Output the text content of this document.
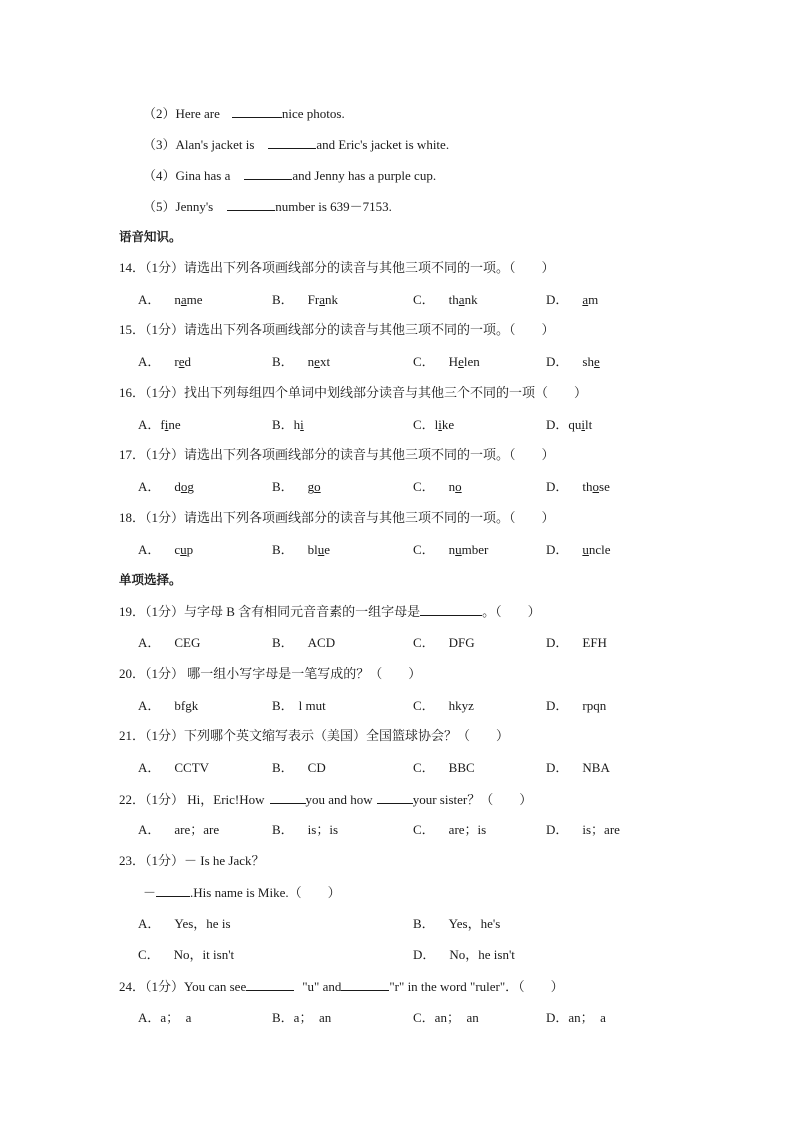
（2）Here are	nice photos.
（3）Alan's jacket is	and Eric's jacket is white.
（4）Gina has a	and Jenny has a purple cup.
（5）Jenny's	number is 639－7153.
语音知识。
14．（1分）请选出下列各项画线部分的读音与其他三项不同的一项。（　　）
A． name	B． Frank	C． thank	D． am
15．（1分）请选出下列各项画线部分的读音与其他三项不同的一项。（　　）
A． red	B． next	C． Helen	D． she
16．（1分）找出下列每组四个单词中划线部分读音与其他三个不同的一项（　　）
A．fine	B．hi	C．like	D．quilt
17．（1分）请选出下列各项画线部分的读音与其他三项不同的一项。（　　）
A． dog	B． go	C． no	D． those
18．（1分）请选出下列各项画线部分的读音与其他三项不同的一项。（　　）
A． cup	B． blue	C． number	D． uncle
单项选择。
19．（1分）与字母 B 含有相同元音音素的一组字母是	。（　　）
A． CEG	B． ACD	C． DFG	D． EFH
20．（1分） 哪一组小写字母是一笔写成的？（　　）
A． bfgk	B． l mut	C． hkyz	D． rpqn
21．（1分）下列哪个英文缩写表示（美国）全国篮球协会？（　　）
A． CCTV	B． CD	C． BBC	D． NBA
22．（1分） Hi，Eric!How	you and how	your sister？（　　）
A． are；are	B． is；is	C． are；is	D． is；are
23．（1分）－ Is he Jack？
－	.His name is Mike.（　　）
A． Yes，he is	B． Yes，he's
C． No，it isn't	D． No，he isn't
24．（1分）You can see	"u" and	"r" in the word "ruler"．（　　）
A．a；　a	B．a；　an	C．an；　an	D．an；　a
